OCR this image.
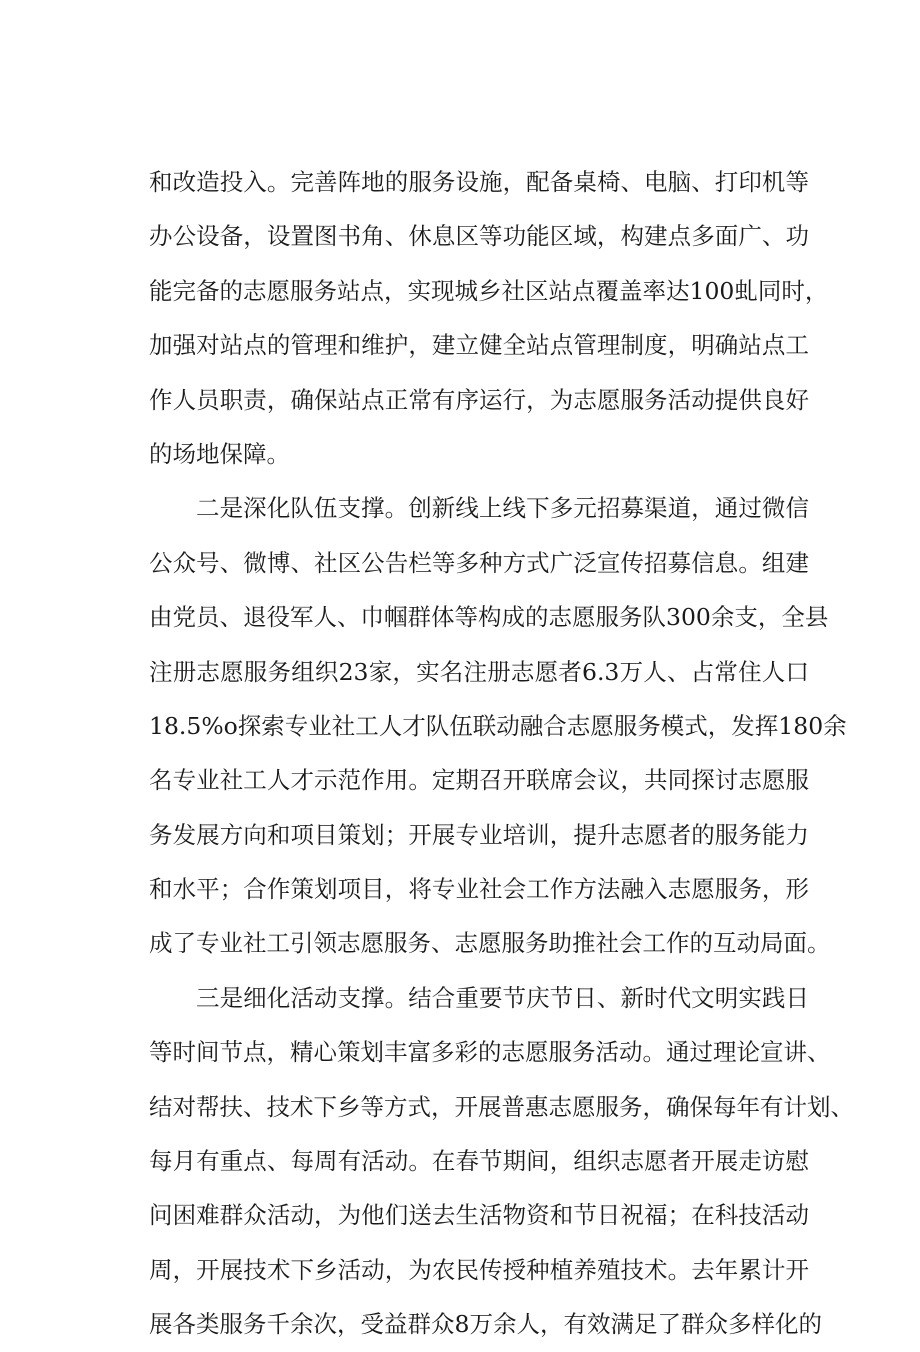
和改造投入。完善阵地的服务设施，配备桌椅、电脑、打印机等
办公设备，设置图书角、休息区等功能区域，构建点多面广、功
能完备的志愿服务站点，实现城乡社区站点覆盖率达100虬同时，
加强对站点的管理和维护，建立健全站点管理制度，明确站点工
作人员职责，确保站点正常有序运行，为志愿服务活动提供良好
的场地保障。
二是深化队伍支撑。创新线上线下多元招募渠道，通过微信
公众号、微博、社区公告栏等多种方式广泛宣传招募信息。组建
由党员、退役军人、巾帼群体等构成的志愿服务队300余支，全县
注册志愿服务组织23家，实名注册志愿者6.3万人、占常住人口
18.5%o探索专业社工人才队伍联动融合志愿服务模式，发挥180余
名专业社工人才示范作用。定期召开联席会议，共同探讨志愿服
务发展方向和项目策划；开展专业培训，提升志愿者的服务能力
和水平；合作策划项目，将专业社会工作方法融入志愿服务，形
成了专业社工引领志愿服务、志愿服务助推社会工作的互动局面。
三是细化活动支撑。结合重要节庆节日、新时代文明实践日
等时间节点，精心策划丰富多彩的志愿服务活动。通过理论宣讲、
结对帮扶、技术下乡等方式，开展普惠志愿服务，确保每年有计划、
每月有重点、每周有活动。在春节期间，组织志愿者开展走访慰
问困难群众活动，为他们送去生活物资和节日祝福；在科技活动
周，开展技术下乡活动，为农民传授种植养殖技术。去年累计开
展各类服务千余次，受益群众8万余人，有效满足了群众多样化的
